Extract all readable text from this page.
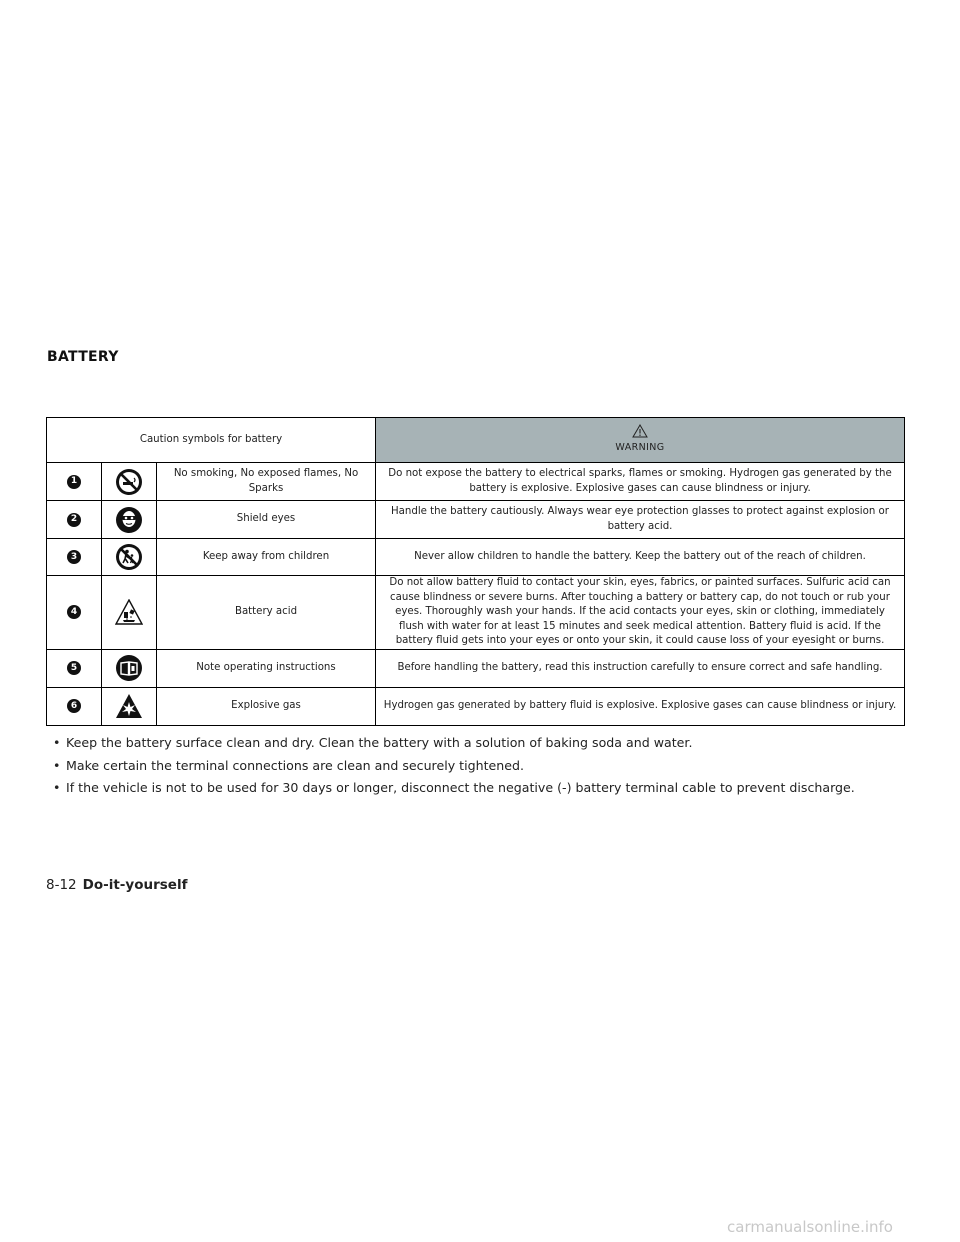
BATTERY
Caution symbols for battery			WARNING

1		No smoking, No exposed flames, No Sparks	Do not expose the battery to electrical sparks, flames or smoking. Hydrogen gas generated by the battery is explosive. Explosive gases can cause blindness or injury.
2		Shield eyes	Handle the battery cautiously. Always wear eye protection glasses to protect against explosion or battery acid.
3		Keep away from children	Never allow children to handle the battery. Keep the battery out of the reach of children.
4		Battery acid	Do not allow battery fluid to contact your skin, eyes, fabrics, or painted surfaces. Sulfuric acid can cause blindness or severe burns. After touching a battery or battery cap, do not touch or rub your eyes. Thoroughly wash your hands. If the acid contacts your eyes, skin or clothing, immediately flush with water for at least 15 minutes and seek medical attention. Battery fluid is acid. If the battery fluid gets into your eyes or onto your skin, it could cause loss of your eyesight or burns.
5		Note operating instructions	Before handling the battery, read this instruction carefully to ensure correct and safe handling.
6		Explosive gas	Hydrogen gas generated by battery fluid is explosive. Explosive gases can cause blindness or injury.
• Keep the battery surface clean and dry. Clean the battery with a solution of baking soda and water.
• Make certain the terminal connections are clean and securely tightened.
• If the vehicle is not to be used for 30 days or longer, disconnect the negative (-) battery terminal cable to prevent discharge.
8-12 Do-it-yourself
carmanualsonline.info
